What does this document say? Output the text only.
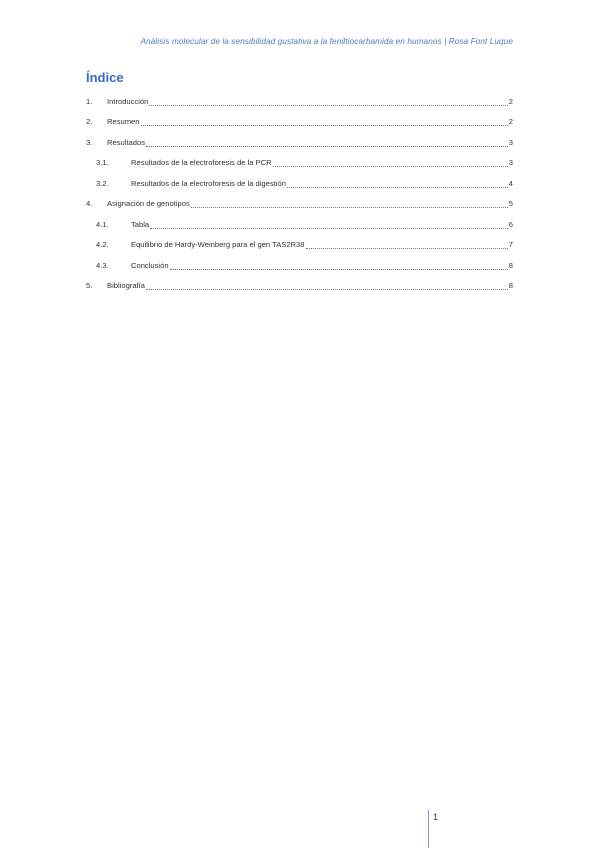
Análisis molecular de la sensibilidad gustativa a la feniltiocarbamida en humanos | Rosa Font Luque
Índice
1.	Introducción	2
2.	Resumen	2
3.	Resultados	3
3.1.	Resultados de la electroforesis de la PCR	3
3.2.	Resultados de la electroforesis de la digestión	4
4.	Asignación de genotipos	5
4.1.	Tabla	6
4.2.	Equilibrio de Hardy-Weinberg para el gen TAS2R38	7
4.3.	Conclusión	8
5.	Bibliografía	8
1
